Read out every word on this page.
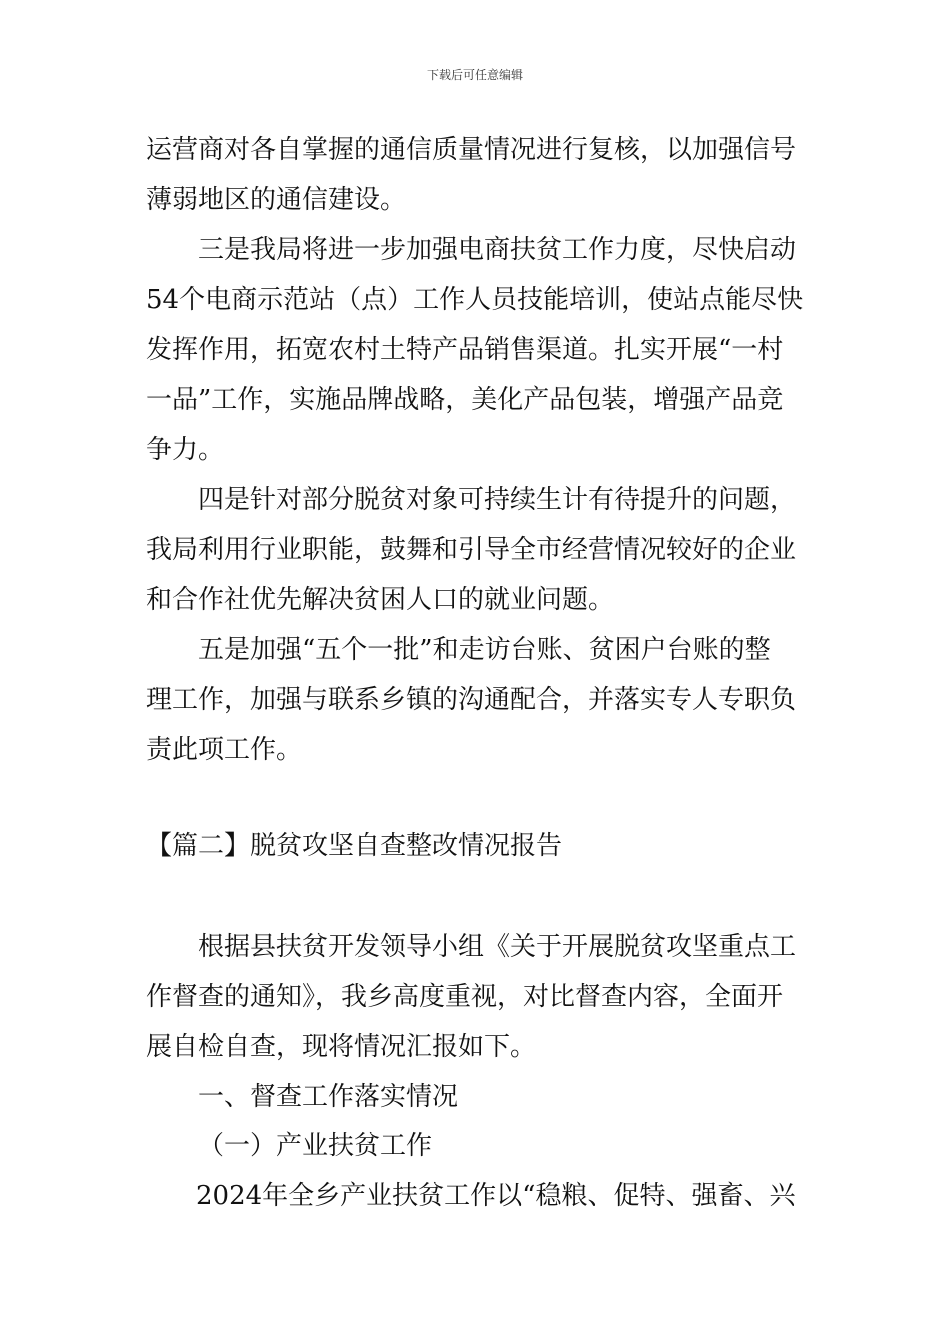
下载后可任意编辑
运营商对各自掌握的通信质量情况进行复核，以加强信号
薄弱地区的通信建设。
三是我局将进一步加强电商扶贫工作力度，尽快启动
54个电商示范站（点）工作人员技能培训，使站点能尽快
发挥作用，拓宽农村土特产品销售渠道。扎实开展“一村
一品”工作，实施品牌战略，美化产品包装，增强产品竞
争力。
四是针对部分脱贫对象可持续生计有待提升的问题，
我局利用行业职能，鼓舞和引导全市经营情况较好的企业
和合作社优先解决贫困人口的就业问题。
五是加强“五个一批”和走访台账、贫困户台账的整
理工作，加强与联系乡镇的沟通配合，并落实专人专职负
责此项工作。
【篇二】脱贫攻坚自查整改情况报告
根据县扶贫开发领导小组《关于开展脱贫攻坚重点工
作督查的通知》，我乡高度重视，对比督查内容，全面开
展自检自查，现将情况汇报如下。
一、督查工作落实情况
（一）产业扶贫工作
2024年全乡产业扶贫工作以“稳粮、促特、强畜、兴
